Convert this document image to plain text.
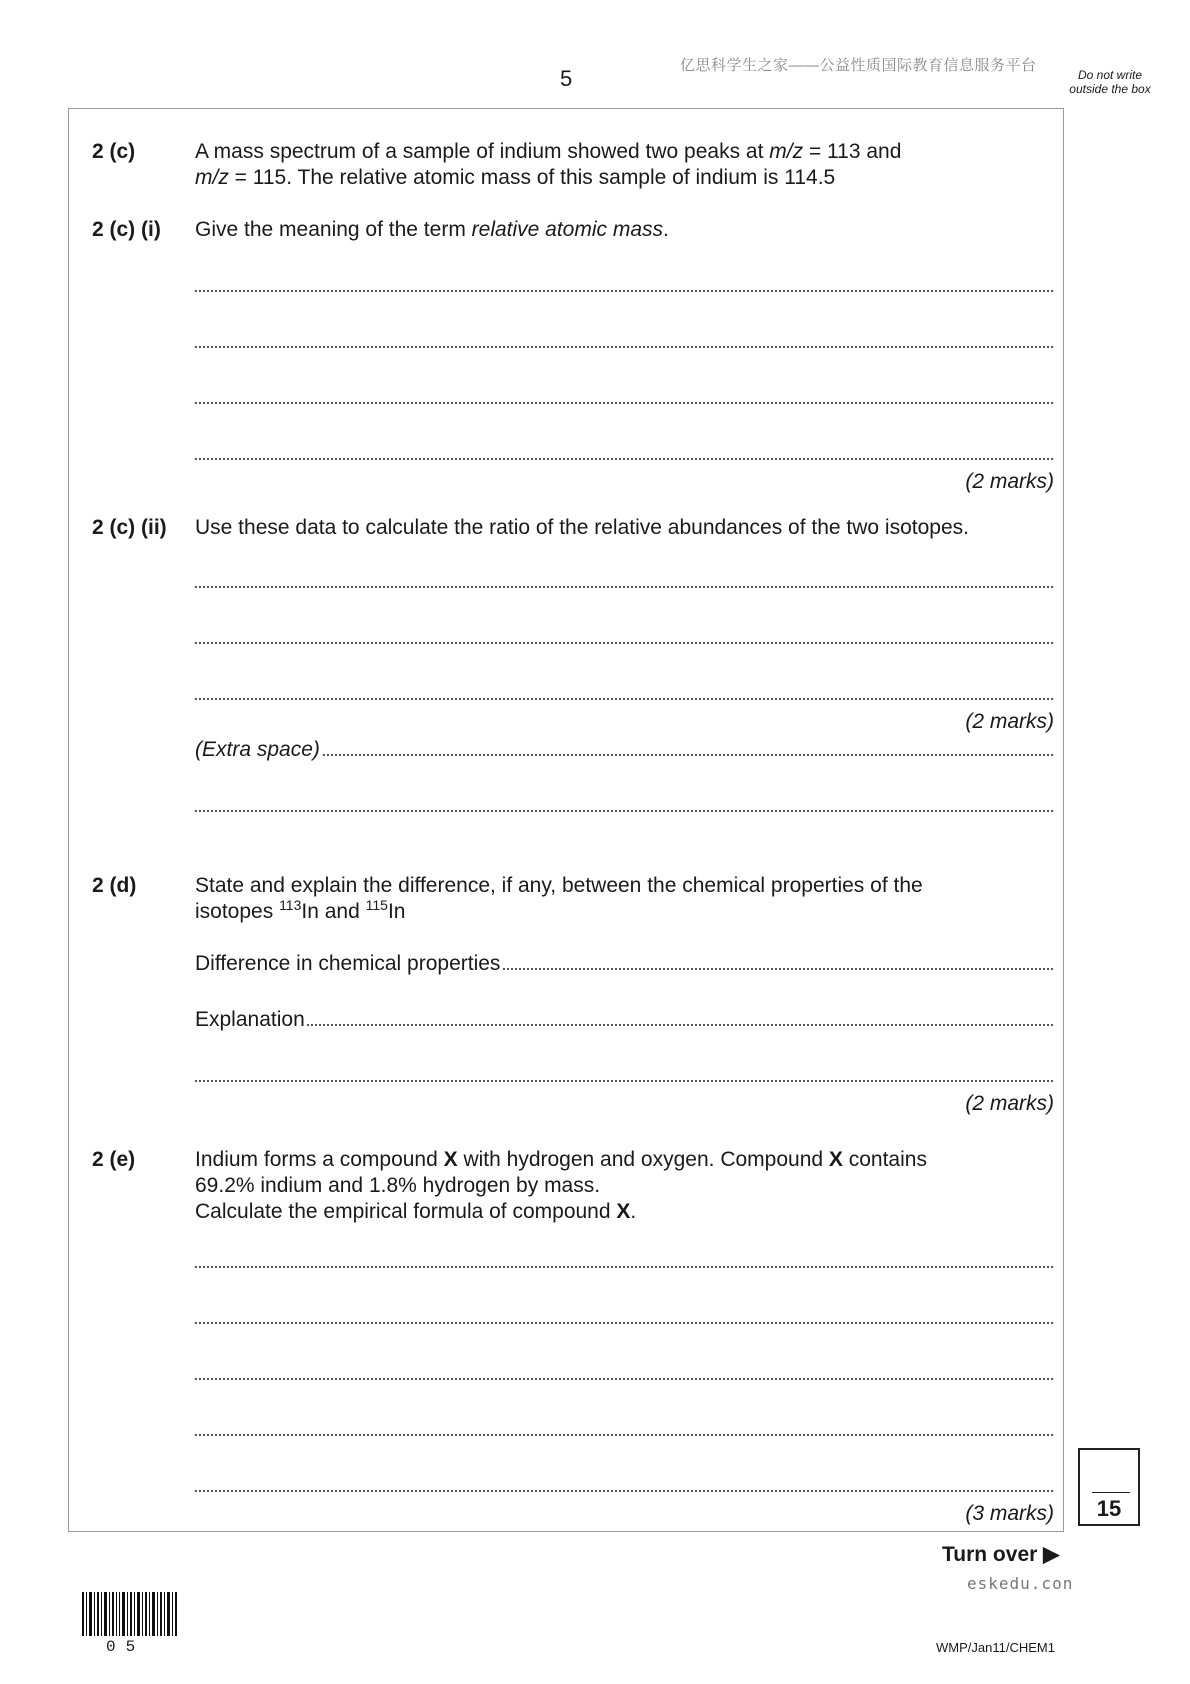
5
亿思科学生之家——公益性质国际教育信息服务平台
Do not write outside the box
2 (c)	A mass spectrum of a sample of indium showed two peaks at m/z = 113 and
m/z = 115. The relative atomic mass of this sample of indium is 114.5
2 (c) (i) Give the meaning of the term relative atomic mass.
(2 marks)
2 (c) (ii) Use these data to calculate the ratio of the relative abundances of the two isotopes.
(2 marks)
(Extra space)
2 (d)	State and explain the difference, if any, between the chemical properties of the
isotopes $^{113}$In and $^{115}$In
Difference in chemical properties
Explanation
(2 marks)
2 (e)	Indium forms a compound X with hydrogen and oxygen. Compound X contains
69.2% indium and 1.8% hydrogen by mass.
Calculate the empirical formula of compound X.
(3 marks)	15
Turn over ▶
eskedu.con
05	WMP/Jan11/CHEM1
